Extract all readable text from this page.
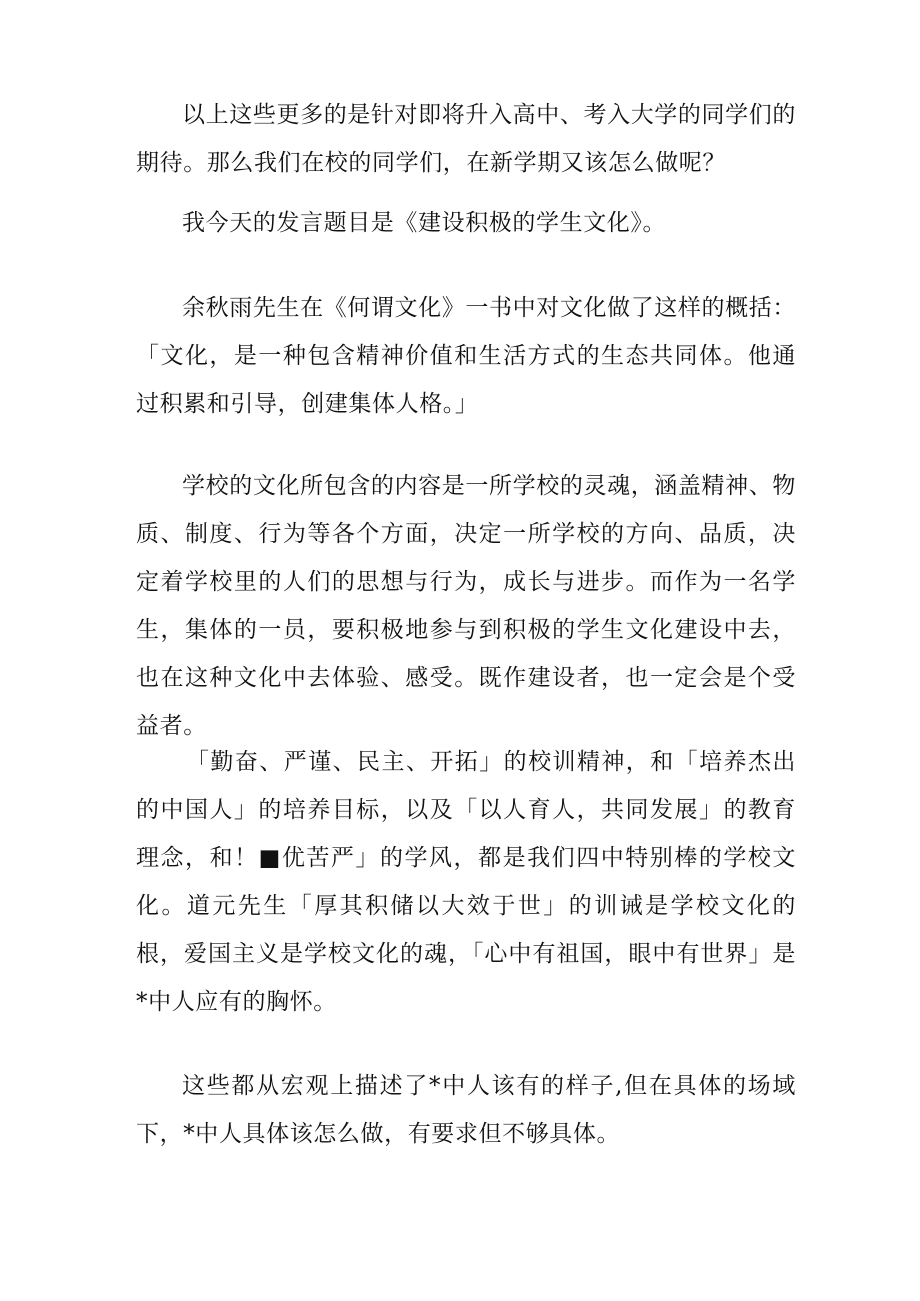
以上这些更多的是针对即将升入高中、考入大学的同学们的期待。那么我们在校的同学们，在新学期又该怎么做呢？

我今天的发言题目是《建设积极的学生文化》。

余秋雨先生在《何谓文化》一书中对文化做了这样的概括：「文化，是一种包含精神价值和生活方式的生态共同体。他通过积累和引导，创建集体人格。」

学校的文化所包含的内容是一所学校的灵魂，涵盖精神、物质、制度、行为等各个方面，决定一所学校的方向、品质，决定着学校里的人们的思想与行为，成长与进步。而作为一名学生，集体的一员，要积极地参与到积极的学生文化建设中去，也在这种文化中去体验、感受。既作建设者，也一定会是个受益者。

「勤奋、严谨、民主、开拓」的校训精神，和「培养杰出的中国人」的培养目标，以及「以人育人，共同发展」的教育理念，和！■优苦严」的学风，都是我们四中特别棒的学校文化。道元先生「厚其积储以大效于世」的训诫是学校文化的根，爱国主义是学校文化的魂，「心中有祖国，眼中有世界」是*中人应有的胸怀。

这些都从宏观上描述了*中人该有的样子,但在具体的场域下，*中人具体该怎么做，有要求但不够具体。
